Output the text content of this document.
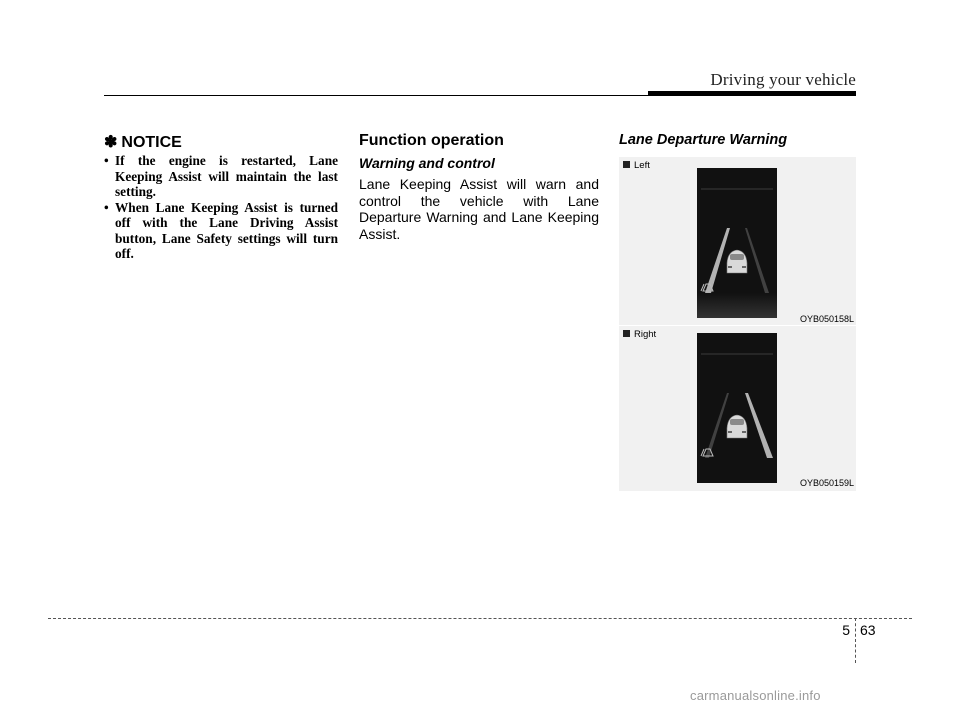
Driving your vehicle
✽ NOTICE
• If the engine is restarted, Lane Keeping Assist will maintain the last setting.
• When Lane Keeping Assist is turned off with the Lane Driving Assist button, Lane Safety settings will turn off.
Function operation
Warning and control
Lane Keeping Assist will warn and control the vehicle with Lane Departure Warning and Lane Keeping Assist.
Lane Departure Warning
Left
OYB050158L
Right
OYB050159L
5 63
carmanualsonline.info
